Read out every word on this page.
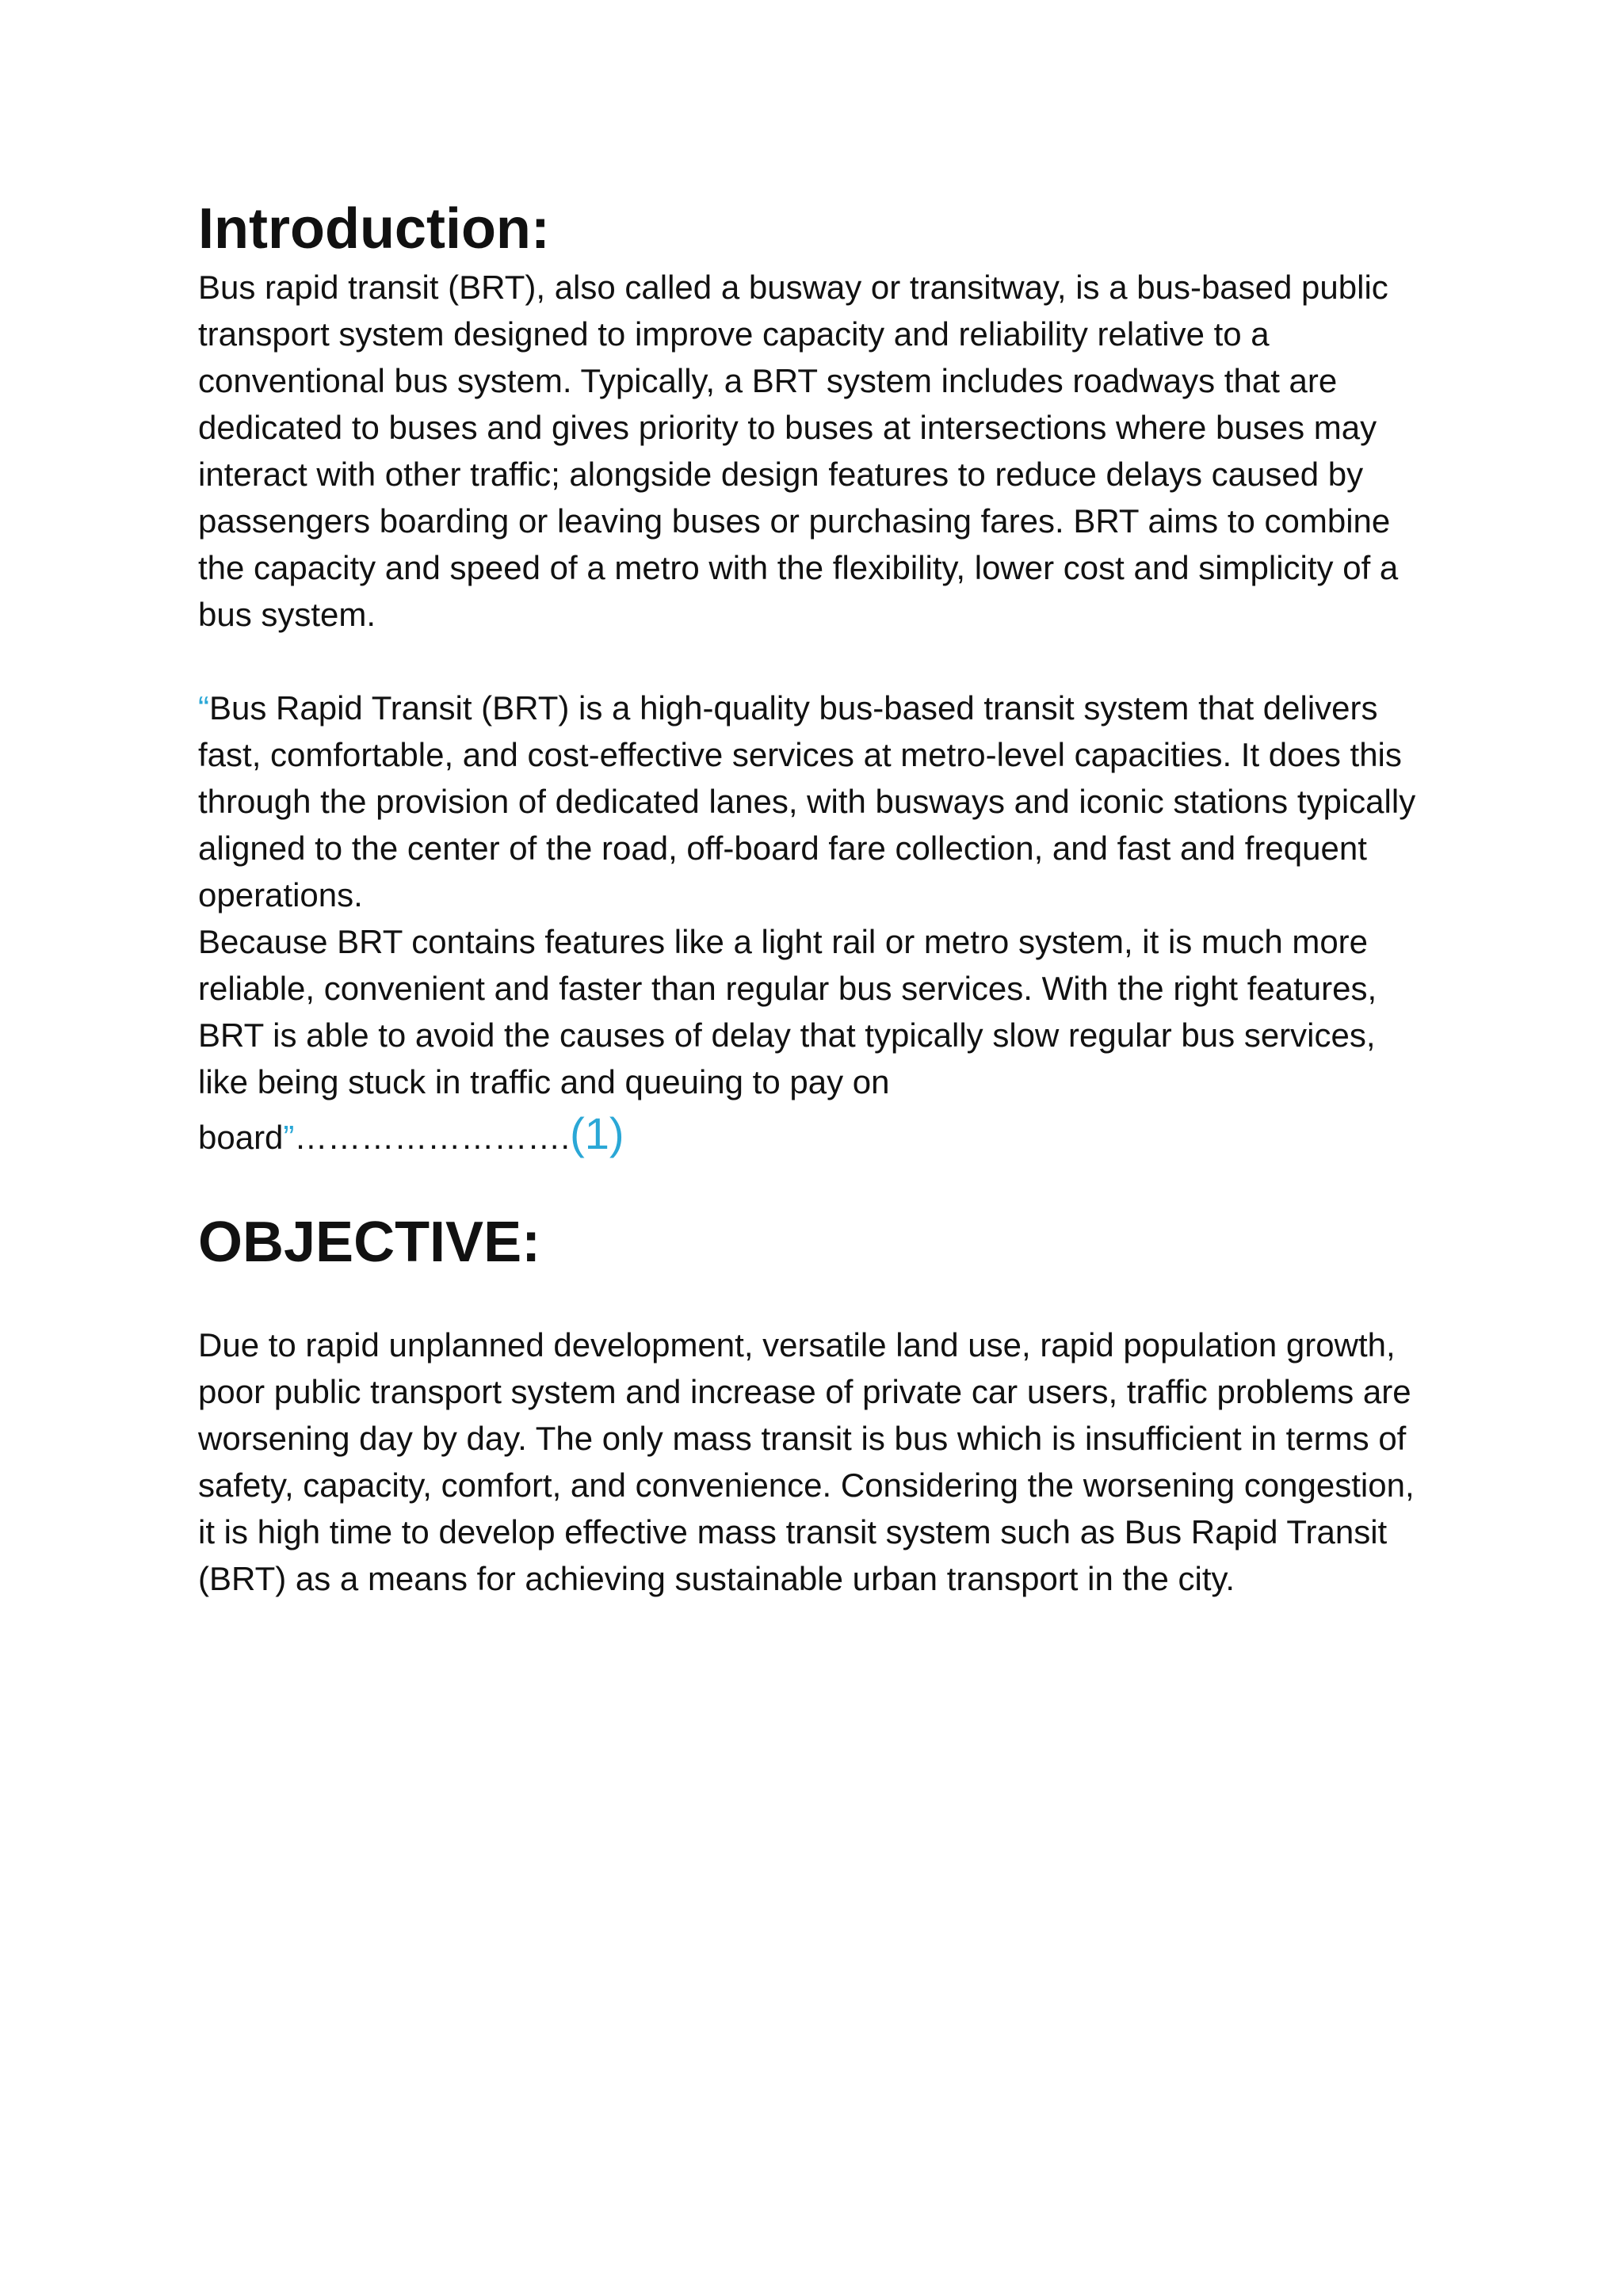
Introduction:

Bus rapid transit (BRT), also called a busway or transitway, is a bus-based public transport system designed to improve capacity and reliability relative to a conventional bus system. Typically, a BRT system includes roadways that are dedicated to buses and gives priority to buses at intersections where buses may interact with other traffic; alongside design features to reduce delays caused by passengers boarding or leaving buses or purchasing fares. BRT aims to combine the capacity and speed of a metro with the flexibility, lower cost and simplicity of a bus system.

“Bus Rapid Transit (BRT) is a high-quality bus-based transit system that delivers fast, comfortable, and cost-effective services at metro-level capacities. It does this through the provision of dedicated lanes, with busways and iconic stations typically aligned to the center of the road, off-board fare collection, and fast and frequent operations.

Because BRT contains features like a light rail or metro system, it is much more reliable, convenient and faster than regular bus services. With the right features, BRT is able to avoid the causes of delay that typically slow regular bus services, like being stuck in traffic and queuing to pay on

board”…………………….(1)

OBJECTIVE:

Due to rapid unplanned development, versatile land use, rapid population growth, poor public transport system and increase of private car users, traffic problems are worsening day by day. The only mass transit is bus which is insufficient in terms of safety, capacity, comfort, and convenience. Considering the worsening congestion, it is high time to develop effective mass transit system such as Bus Rapid Transit (BRT) as a means for achieving sustainable urban transport in the city.
